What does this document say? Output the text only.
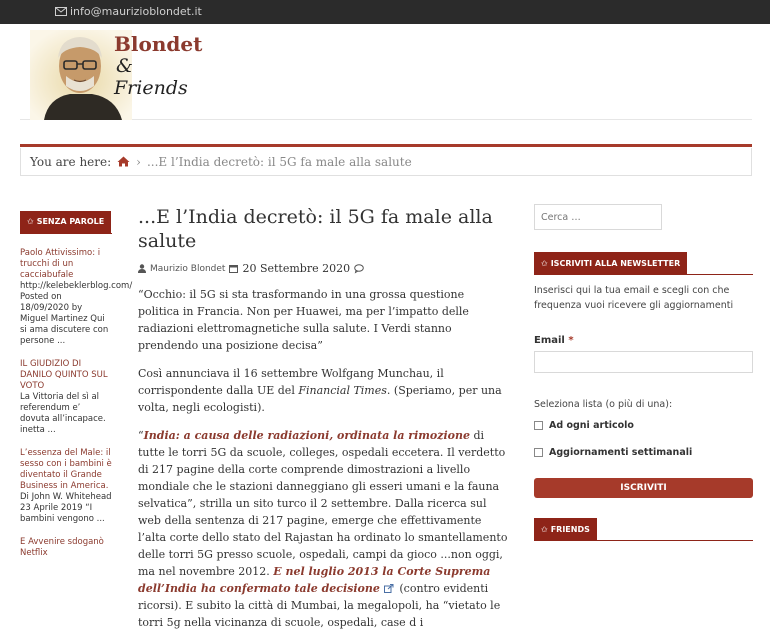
info@maurizioblondet.it
Blondet
&
Friends
You are here: › ...E l’India decretò: il 5G fa male alla salute
✩ SENZA PAROLE
Paolo Attivissimo: i trucchi di un cacciabufale
http://kelebeklerblog.com/ Posted on 18/09/2020 by Miguel Martinez Qui si ama discutere con persone ...
IL GIUDIZIO DI DANILO QUINTO SUL VOTO
La Vittoria del sì al referendum e’ dovuta all’incapace. inetta ...
L’essenza del Male: il sesso con i bambini è diventato il Grande Business in America.
Di John W. Whitehead 23 Aprile 2019 “I bambini vengono ...
E Avvenire sdoganò Netflix
...E l’India decretò: il 5G fa male alla salute
Maurizio Blondet 20 Settembre 2020

“Occhio: il 5G si sta trasformando in una grossa questione politica in Francia. Non per Huawei, ma per l’impatto delle radiazioni elettromagnetiche sulla salute. I Verdi stanno prendendo una posizione decisa”

Così annunciava il 16 settembre Wolfgang Munchau, il corrispondente dalla UE del Financial Times. (Speriamo, per una volta, negli ecologisti).

“India: a causa delle radiazioni, ordinata la rimozione di tutte le torri 5G da scuole, colleges, ospedali eccetera. Il verdetto di 217 pagine della corte comprende dimostrazioni a livello mondiale che le stazioni danneggiano gli esseri umani e la fauna selvatica”, strilla un sito turco il 2 settembre. Dalla ricerca sul web della sentenza di 217 pagine, emerge che effettivamente l’alta corte dello stato del Rajastan ha ordinato lo smantellamento delle torri 5G presso scuole, ospedali, campi da gioco ...non oggi, ma nel novembre 2012. E nel luglio 2013 la Corte Suprema dell’India ha confermato tale decisione (contro evidenti ricorsi). E subito la città di Mumbai, la megalopoli, ha “vietato le torri 5g nella vicinanza di scuole, ospedali, case d i

Cerca …
✩ ISCRIVITI ALLA NEWSLETTER
Inserisci qui la tua email e scegli con che frequenza vuoi ricevere gli aggiornamenti
Email *
Seleziona lista (o più di una):
Ad ogni articolo
Aggiornamenti settimanali
ISCRIVITI
✩ FRIENDS
